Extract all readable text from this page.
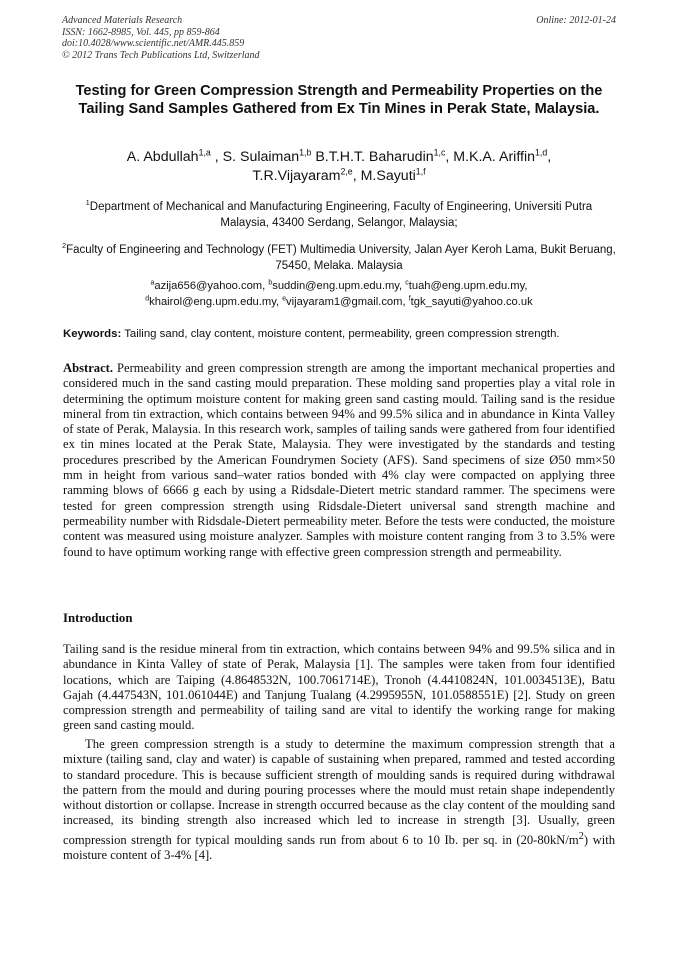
Advanced Materials Research
ISSN: 1662-8985, Vol. 445, pp 859-864
doi:10.4028/www.scientific.net/AMR.445.859
© 2012 Trans Tech Publications Ltd, Switzerland
Online: 2012-01-24
Testing for Green Compression Strength and Permeability Properties on the Tailing Sand Samples Gathered from Ex Tin Mines in Perak State, Malaysia.
A. Abdullah$^{1,a}$ , S. Sulaiman$^{1,b}$ B.T.H.T. Baharudin$^{1,c}$, M.K.A. Ariffin$^{1,d}$,
T.R.Vijayaram$^{2,e}$, M.Sayuti$^{1,f}$
$^1$Department of Mechanical and Manufacturing Engineering, Faculty of Engineering, Universiti Putra Malaysia, 43400 Serdang, Selangor, Malaysia;
$^2$Faculty of Engineering and Technology (FET) Multimedia University, Jalan Ayer Keroh Lama, Bukit Beruang, 75450, Melaka. Malaysia
$^a$azija656@yahoo.com, $^b$suddin@eng.upm.edu.my, $^c$tuah@eng.upm.edu.my,
$^d$khairol@eng.upm.edu.my, $^e$vijayaram1@gmail.com, $^f$tgk_sayuti@yahoo.co.uk
Keywords: Tailing sand, clay content, moisture content, permeability, green compression strength.
Abstract. Permeability and green compression strength are among the important mechanical properties and considered much in the sand casting mould preparation. These molding sand properties play a vital role in determining the optimum moisture content for making green sand casting mould. Tailing sand is the residue mineral from tin extraction, which contains between 94% and 99.5% silica and in abundance in Kinta Valley of state of Perak, Malaysia. In this research work, samples of tailing sands were gathered from four identified ex tin mines located at the Perak State, Malaysia. They were investigated by the standards and testing procedures prescribed by the American Foundrymen Society (AFS). Sand specimens of size Ø50 mm×50 mm in height from various sand–water ratios bonded with 4% clay were compacted on applying three ramming blows of 6666 g each by using a Ridsdale-Dietert metric standard rammer. The specimens were tested for green compression strength using Ridsdale-Dietert universal sand strength machine and permeability number with Ridsdale-Dietert permeability meter. Before the tests were conducted, the moisture content was measured using moisture analyzer. Samples with moisture content ranging from 3 to 3.5% were found to have optimum working range with effective green compression strength and permeability.
Introduction
Tailing sand is the residue mineral from tin extraction, which contains between 94% and 99.5% silica and in abundance in Kinta Valley of state of Perak, Malaysia [1]. The samples were taken from four identified locations, which are Taiping (4.8648532N, 100.7061714E), Tronoh (4.4410824N, 101.0034513E), Batu Gajah (4.447543N, 101.061044E) and Tanjung Tualang (4.2995955N, 101.0588551E) [2]. Study on green compression strength and permeability of tailing sand are vital to identify the working range for making green sand casting mould.
The green compression strength is a study to determine the maximum compression strength that a mixture (tailing sand, clay and water) is capable of sustaining when prepared, rammed and tested according to standard procedure. This is because sufficient strength of moulding sands is required during withdrawal the pattern from the mould and during pouring processes where the mould must retain shape independently without distortion or collapse. Increase in strength occurred because as the clay content of the moulding sand increased, its binding strength also increased which led to increase in strength [3]. Usually, green compression strength for typical moulding sands run from about 6 to 10 Ib. per sq. in $(20-80kN/m^2)$ with moisture content of 3-4% [4].
